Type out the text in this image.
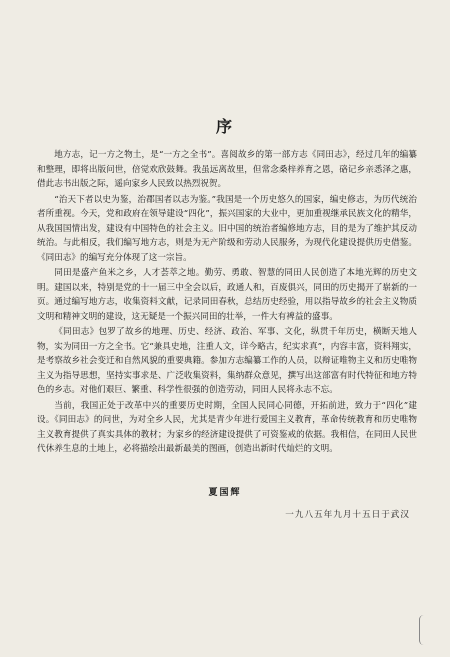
序

地方志，记一方之物土，是“一方之全书”。喜阅故乡的第一部方志《同田志》，经过几年的编纂和整理，即将出版问世，倍觉欢欣鼓舞。我虽远离故里，但常念桑梓养育之恩，硌记乡亲悉泽之惠，借此志书出版之际，遥向家乡人民致以热烈祝贺。

“治天下者以史为鉴，治郡国者以志为鉴。”我国是一个历史悠久的国家，编史修志，为历代统治者所重视。今天，党和政府在领导建设“四化”，振兴国家的大业中，更加重视继承民族文化的精华，从我国国情出发，建设有中国特色的社会主义。旧中国的统治者编修地方志，目的是为了维护其反动统治。与此相反，我们编写地方志，则是为无产阶级和劳动人民服务，为现代化建设提供历史借鉴。《同田志》的编写充分体现了这一宗旨。

同田是盛产鱼米之乡，人才荟萃之地。勤劳、勇敢、智慧的同田人民创造了本地光辉的历史文明。建国以来，特别是党的十一届三中全会以后，政通人和，百废俱兴，同田的历史揭开了崭新的一页。通过编写地方志，收集资料文献，记录同田春秋，总结历史经验，用以指导故乡的社会主义物质文明和精神文明的建设，这无疑是一个振兴同田的壮举，一件大有裨益的盛事。

《同田志》包罗了故乡的地理、历史、经济、政治、军事、文化，纵贯千年历史，横断天地人物，实为同田一方之全书。它“兼具史地，注重人文，详今略古，纪实求真”，内容丰富，资料翔实，是考察故乡社会变迁和自然风貌的重要典籍。参加方志编纂工作的人员，以辩证唯物主义和历史唯物主义为指导思想，坚持实事求是、广泛收集资料，集纳群众意见，撰写出这部富有时代特征和地方特色的乡志。对他们艰巨、繁重、科学性很强的创造劳动，同田人民将永志不忘。

当前，我国正处于改革中兴的重要历史时期，全国人民同心同德，开拓前进，致力于“四化”建设。《同田志》的问世，为对全乡人民，尤其是青少年进行爱国主义教育，革命传统教育和历史唯物主义教育提供了真实具体的教材；为家乡的经济建设提供了可资鉴戒的依据。我相信，在同田人民世代休养生息的土地上，必将描绘出最新最美的图画，创造出新时代灿烂的文明。

夏国辉
一九八五年九月十五日于武汉
